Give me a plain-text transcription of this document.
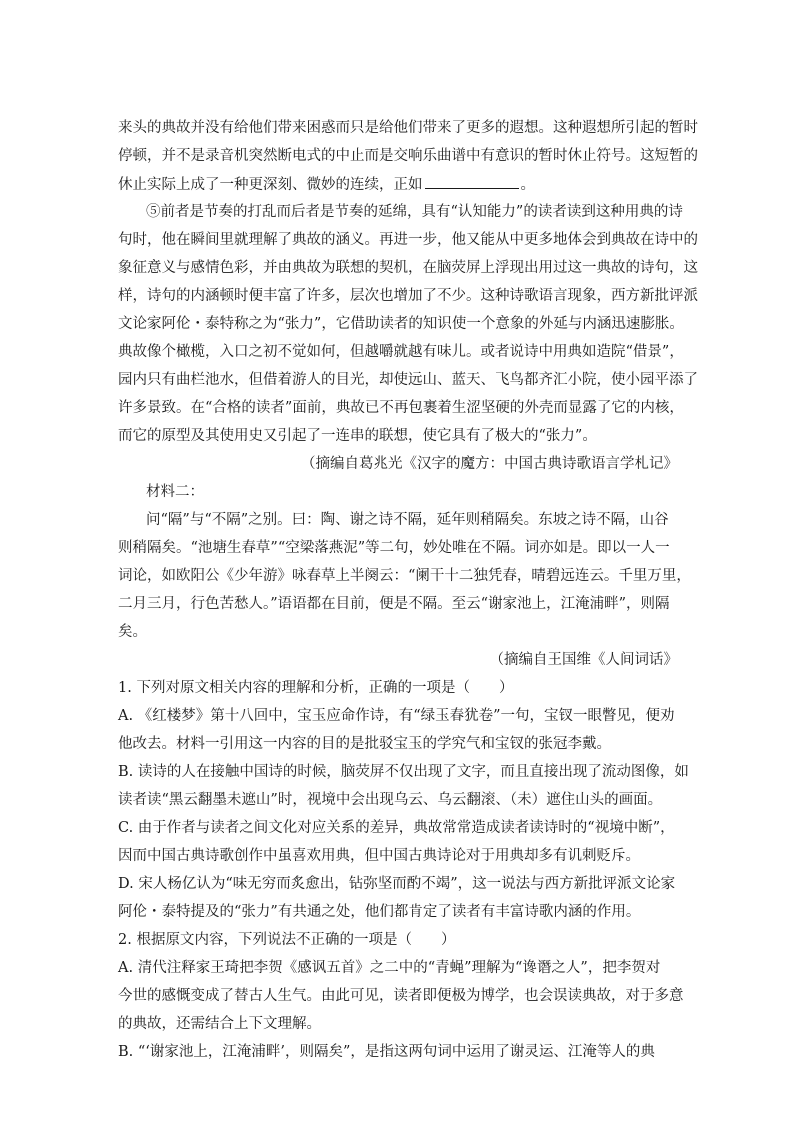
来头的典故并没有给他们带来困惑而只是给他们带来了更多的遐想。这种遐想所引起的暂时
停顿，并不是录音机突然断电式的中止而是交响乐曲谱中有意识的暂时休止符号。这短暂的
休止实际上成了一种更深刻、微妙的连续，正如	。
⑤前者是节奏的打乱而后者是节奏的延绵，具有“认知能力”的读者读到这种用典的诗
句时，他在瞬间里就理解了典故的涵义。再进一步，他又能从中更多地体会到典故在诗中的
象征意义与感情色彩，并由典故为联想的契机，在脑荧屏上浮现出用过这一典故的诗句，这
样，诗句的内涵顿时便丰富了许多，层次也增加了不少。这种诗歌语言现象，西方新批评派
文论家阿伦・泰特称之为“张力”，它借助读者的知识使一个意象的外延与内涵迅速膨胀。
典故像个橄榄，入口之初不觉如何，但越嚼就越有味儿。或者说诗中用典如造院“借景”，
园内只有曲栏池水，但借着游人的目光，却使远山、蓝天、飞鸟都齐汇小院，使小园平添了
许多景致。在“合格的读者”面前，典故已不再包裹着生涩坚硬的外壳而显露了它的内核，
而它的原型及其使用史又引起了一连串的联想，使它具有了极大的“张力”。
（摘编自葛兆光《汉字的魔方：中国古典诗歌语言学札记》
材料二：
问“隔”与“不隔”之别。曰：陶、谢之诗不隔，延年则稍隔矣。东坡之诗不隔，山谷
则稍隔矣。“池塘生春草”“空梁落燕泥”等二句，妙处唯在不隔。词亦如是。即以一人一
词论，如欧阳公《少年游》咏春草上半阕云：“阑干十二独凭春，晴碧远连云。千里万里，
二月三月，行色苦愁人。”语语都在目前，便是不隔。至云“谢家池上，江淹浦畔”，则隔
矣。
（摘编自王国维《人间词话》
1. 下列对原文相关内容的理解和分析，正确的一项是（　　）
A. 《红楼梦》第十八回中，宝玉应命作诗，有“绿玉春犹卷”一句，宝钗一眼瞥见，便劝
他改去。材料一引用这一内容的目的是批驳宝玉的学究气和宝钗的张冠李戴。
B. 读诗的人在接触中国诗的时候，脑荧屏不仅出现了文字，而且直接出现了流动图像，如
读者读“黑云翻墨未遮山”时，视境中会出现乌云、乌云翻滚、（未）遮住山头的画面。
C. 由于作者与读者之间文化对应关系的差异，典故常常造成读者读诗时的“视境中断”，
因而中国古典诗歌创作中虽喜欢用典，但中国古典诗论对于用典却多有讥刺贬斥。
D. 宋人杨亿认为“味无穷而炙愈出，钻弥坚而酌不竭”，这一说法与西方新批评派文论家
阿伦・泰特提及的“张力”有共通之处，他们都肯定了读者有丰富诗歌内涵的作用。
2. 根据原文内容，下列说法不正确的一项是（　　）
A. 清代注释家王琦把李贺《感讽五首》之二中的“青蝇”理解为“谗谮之人”，把李贺对
今世的感慨变成了替古人生气。由此可见，读者即便极为博学，也会误读典故，对于多意
的典故，还需结合上下文理解。
B. “‘谢家池上，江淹浦畔’，则隔矣”，是指这两句词中运用了谢灵运、江淹等人的典
